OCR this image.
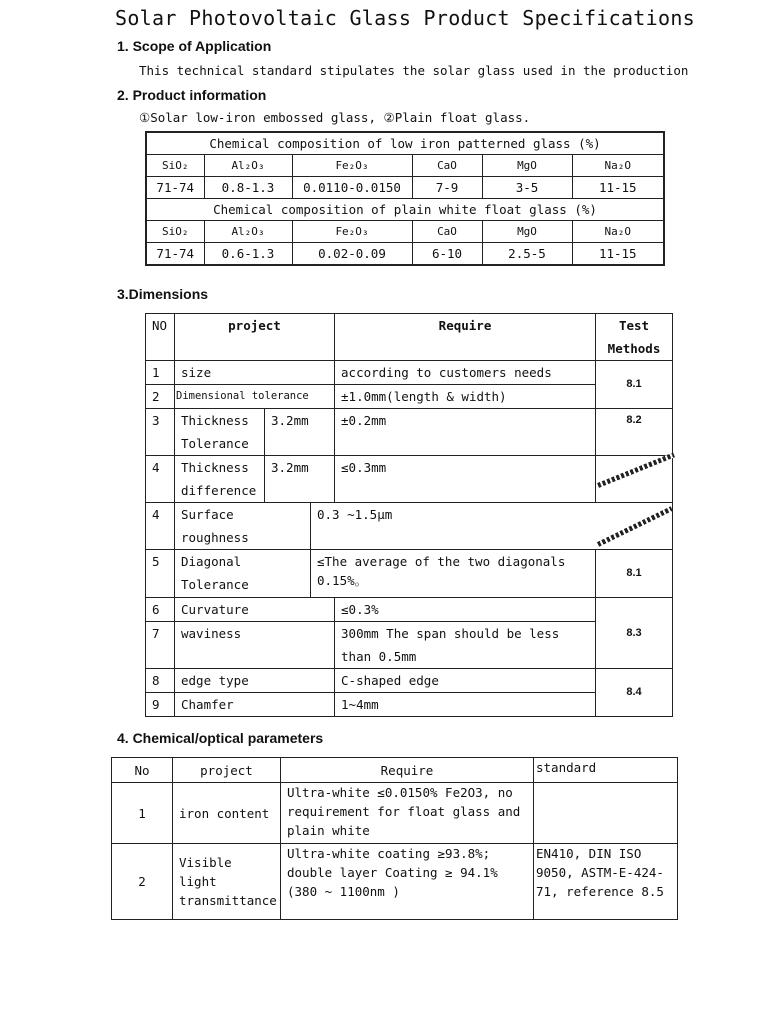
Solar Photovoltaic Glass Product Specifications
1. Scope of Application
This technical standard stipulates the solar glass used in the production
2. Product information
①Solar low-iron embossed glass, ②Plain float glass.
Chemical composition of low iron patterned glass (%)					
SiO₂	Al₂O₃	Fe₂O₃	CaO	MgO	Na₂O
71-74	0.8-1.3	0.0110-0.0150	7-9	3-5	11-15
Chemical composition of plain white float glass (%)					
SiO₂	Al₂O₃	Fe₂O₃	CaO	MgO	Na₂O
71-74	0.6-1.3	0.02-0.09	6-10	2.5-5	11-15
3.Dimensions
NO	project			Require	Test Methods
1	size			according to customers needs	8.1
2	Dimensional tolerance			±1.0mm(length & width)	
3	Thickness Tolerance	3.2mm		±0.2mm	8.2
4	Thickness difference	3.2mm		≤0.3mm	
4	Surface roughness		0.3 ~1.5μm		
5	Diagonal Tolerance		≤The average of the two diagonals 0.15%。		8.1
6	Curvature			≤0.3%	8.3
7	waviness			300mm The span should be less than 0.5mm	
8	edge type			C-shaped edge	8.4
9	Chamfer			1~4mm	
4. Chemical/optical parameters
No	project	Require	standard
1	iron content	Ultra-white ≤0.0150% Fe2O3, no requirement for float glass and plain white	
2	Visible light transmittance	Ultra-white coating ≥93.8%; double layer Coating ≥ 94.1% (380 ~ 1100nm )	EN410, DIN ISO 9050, ASTM-E-424-71, reference 8.5
